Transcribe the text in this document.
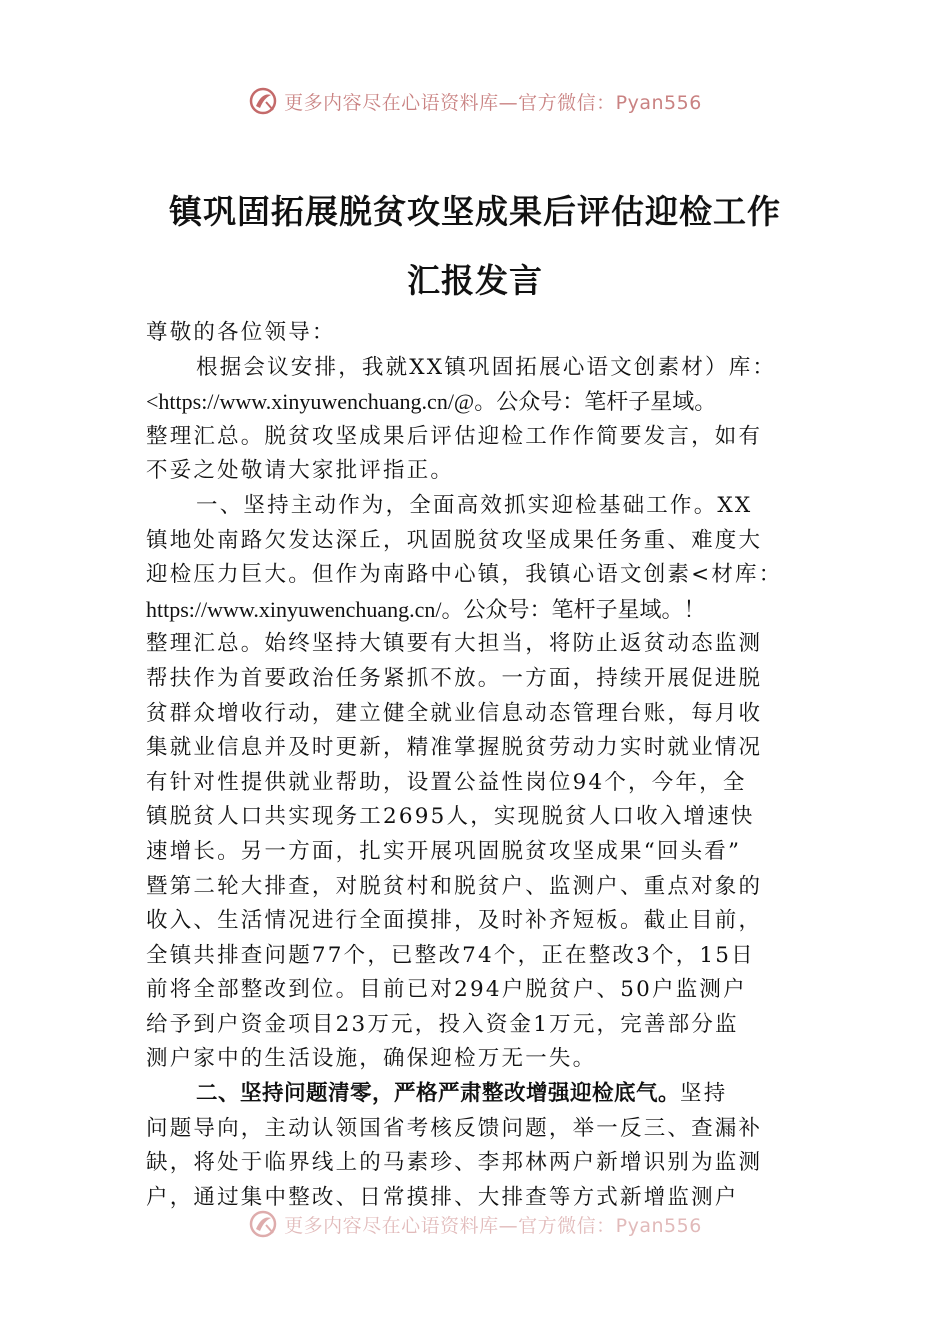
更多内容尽在心语资料库—官方微信：Pyan556
镇巩固拓展脱贫攻坚成果后评估迎检工作
汇报发言
尊敬的各位领导：
根据会议安排，我就XX镇巩固拓展心语文创素材）库：
<https://www.xinyuwenchuang.cn/@。公众号：笔杆子星域。
整理汇总。脱贫攻坚成果后评估迎检工作作简要发言，如有
不妥之处敬请大家批评指正。
一、坚持主动作为，全面高效抓实迎检基础工作。XX
镇地处南路欠发达深丘，巩固脱贫攻坚成果任务重、难度大
迎检压力巨大。但作为南路中心镇，我镇心语文创素<材库：
https://www.xinyuwenchuang.cn/。公众号：笔杆子星域。！
整理汇总。始终坚持大镇要有大担当，将防止返贫动态监测
帮扶作为首要政治任务紧抓不放。一方面，持续开展促进脱
贫群众增收行动，建立健全就业信息动态管理台账，每月收
集就业信息并及时更新，精准掌握脱贫劳动力实时就业情况
有针对性提供就业帮助，设置公益性岗位94个，今年，全
镇脱贫人口共实现务工2695人，实现脱贫人口收入增速快
速增长。另一方面，扎实开展巩固脱贫攻坚成果“回头看”
暨第二轮大排查，对脱贫村和脱贫户、监测户、重点对象的
收入、生活情况进行全面摸排，及时补齐短板。截止目前，
全镇共排查问题77个，已整改74个，正在整改3个，15日
前将全部整改到位。目前已对294户脱贫户、50户监测户
给予到户资金项目23万元，投入资金1万元，完善部分监
测户家中的生活设施，确保迎检万无一失。
二、坚持问题清零，严格严肃整改增强迎检底气。坚持
问题导向，主动认领国省考核反馈问题，举一反三、查漏补
缺，将处于临界线上的马素珍、李邦林两户新增识别为监测
户，通过集中整改、日常摸排、大排查等方式新增监测户
更多内容尽在心语资料库—官方微信：Pyan556
